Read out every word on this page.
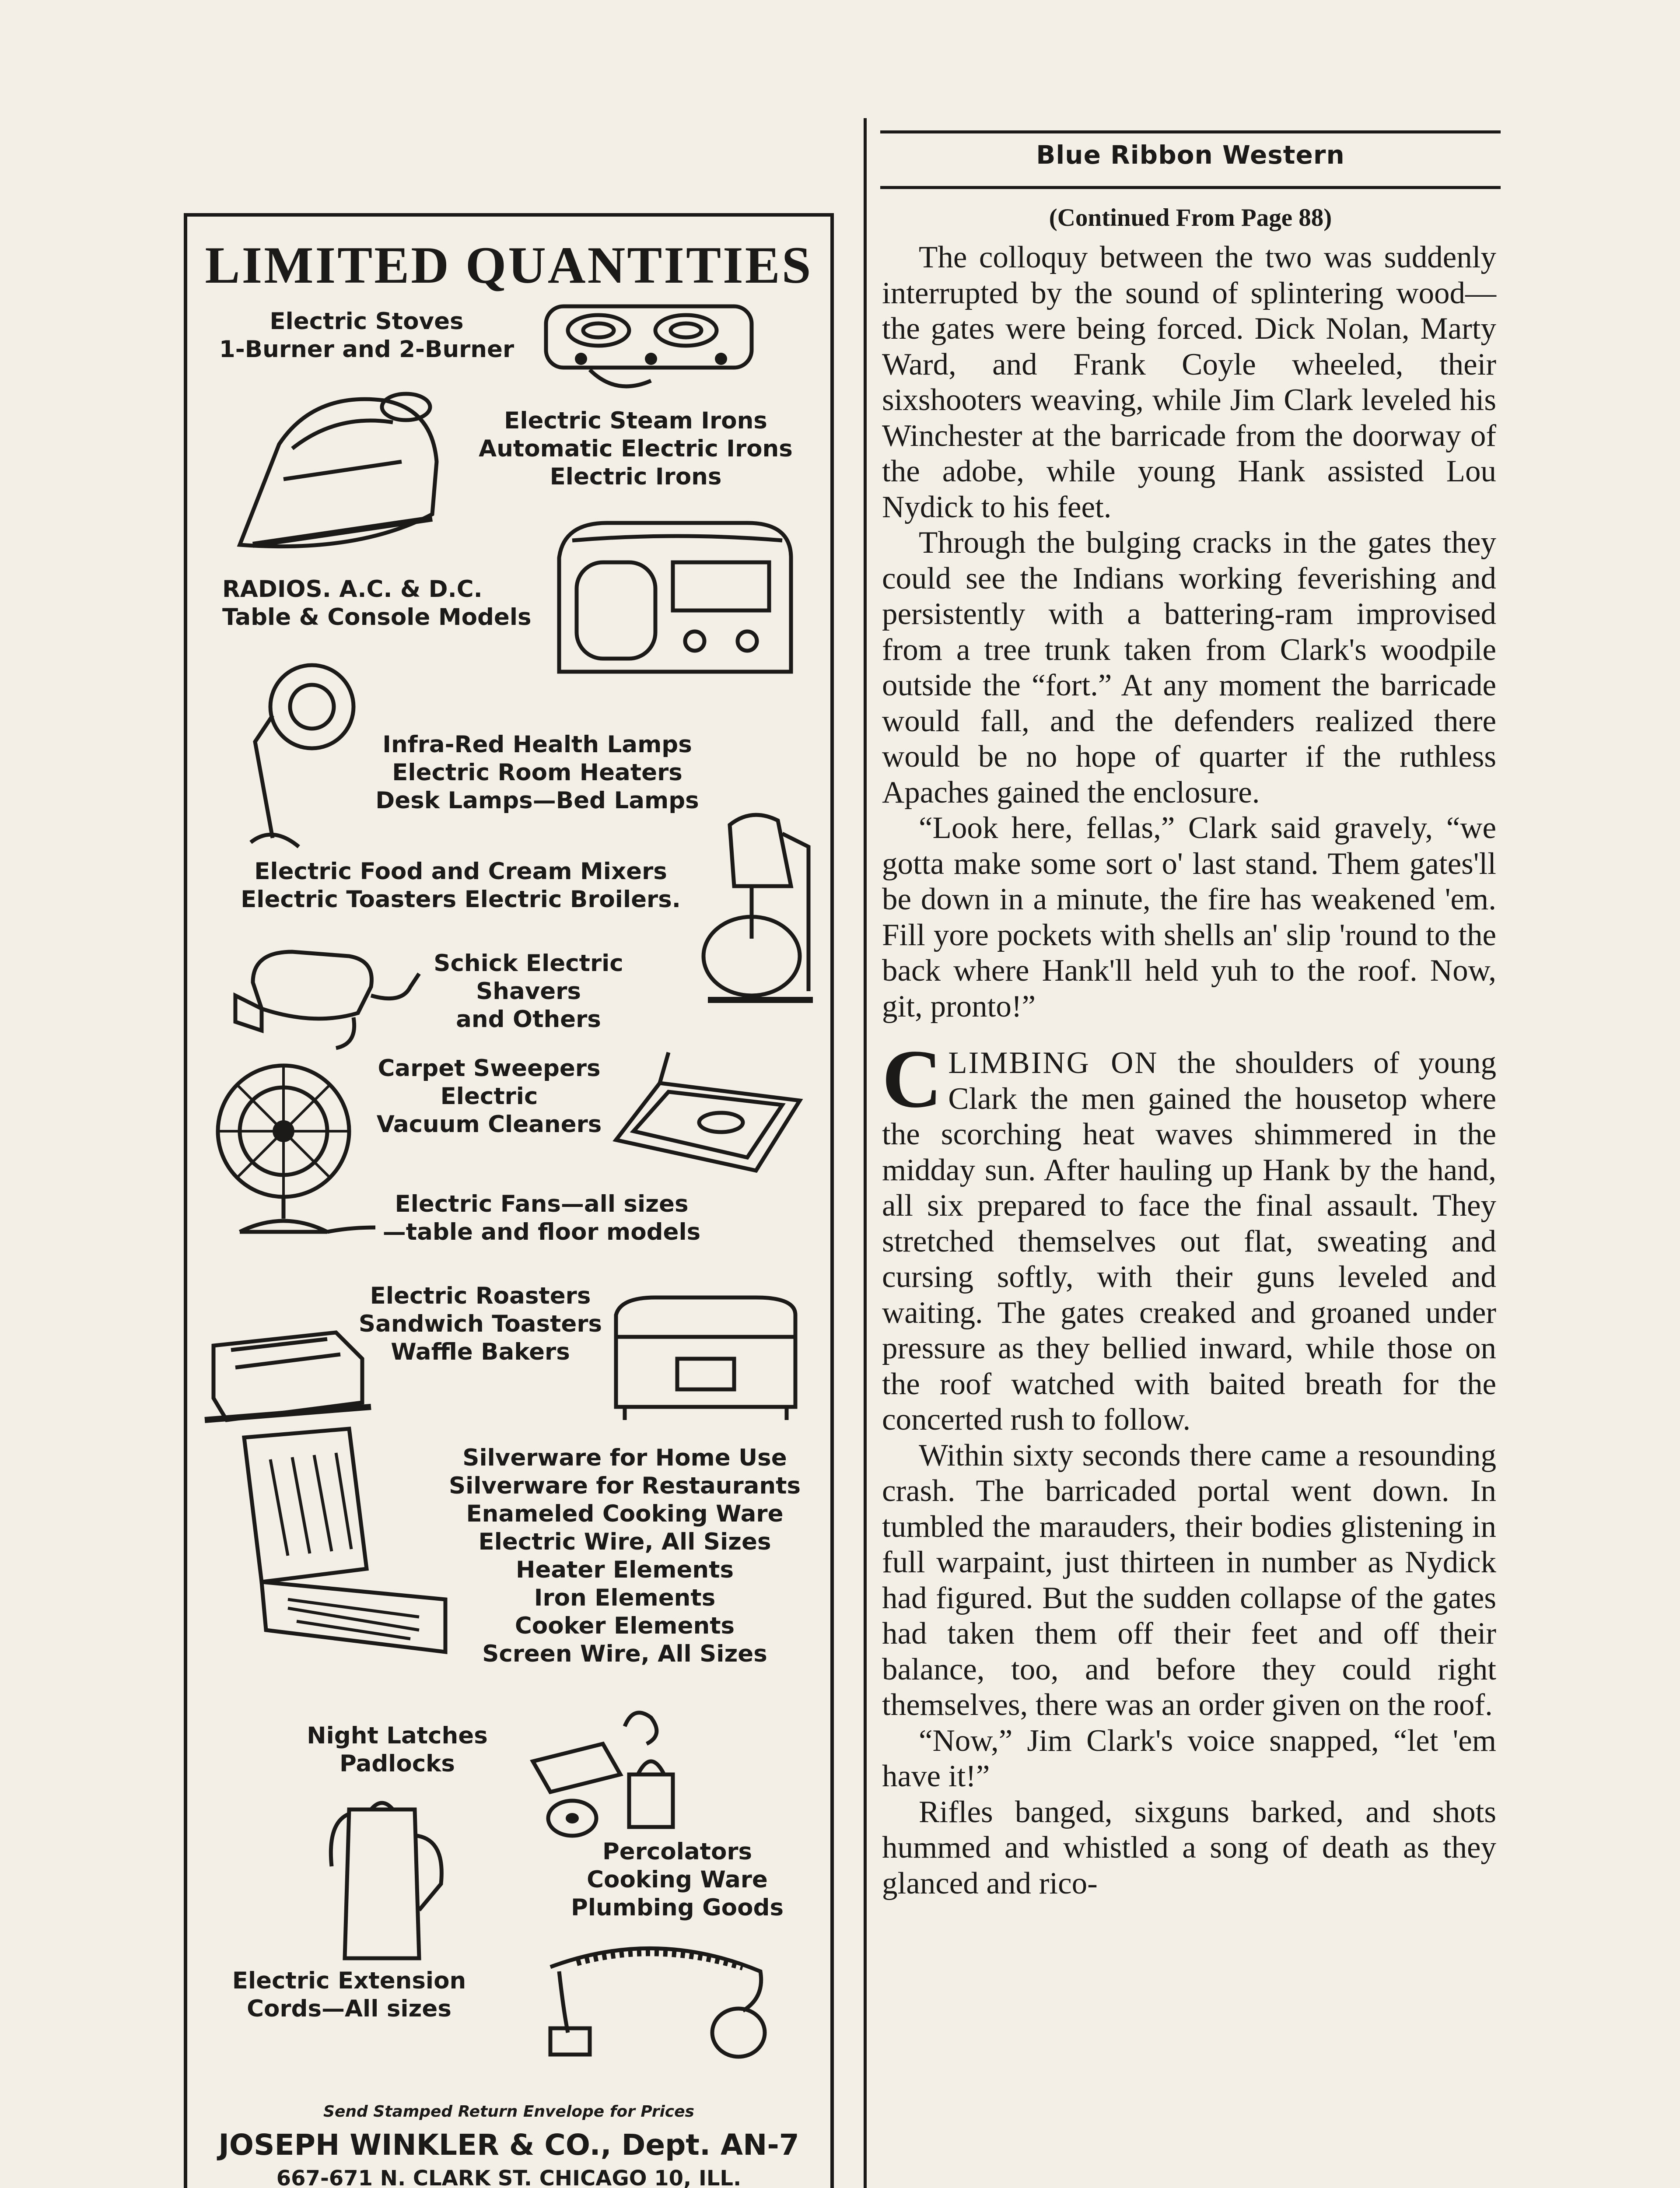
LIMITED QUANTITIES
Electric Stoves
1-Burner and 2-Burner
Electric Steam Irons
Automatic Electric Irons
Electric Irons
RADIOS. A.C. & D.C.
Table & Console Models
Infra-Red Health Lamps
Electric Room Heaters
Desk Lamps—Bed Lamps
Electric Food and Cream Mixers
Electric Toasters Electric Broilers.
Schick Electric
Shavers
and Others
Carpet Sweepers
Electric
Vacuum Cleaners
Electric Fans—all sizes
—table and floor models
Electric Roasters
Sandwich Toasters
Waffle Bakers
Silverware for Home Use
Silverware for Restaurants
Enameled Cooking Ware
Electric Wire, All Sizes
Heater Elements
Iron Elements
Cooker Elements
Screen Wire, All Sizes
Night Latches
Padlocks
Percolators
Cooking Ware
Plumbing Goods
Electric Extension
Cords—All sizes
Send Stamped Return Envelope for Prices
JOSEPH WINKLER & CO., Dept. AN-7
667-671 N. CLARK ST. CHICAGO 10, ILL.
Blue Ribbon Western
(Continued From Page 88)

The colloquy between the two was suddenly interrupted by the sound of splintering wood—the gates were being forced. Dick Nolan, Marty Ward, and Frank Coyle wheeled, their sixshooters weaving, while Jim Clark leveled his Winchester at the barricade from the doorway of the adobe, while young Hank assisted Lou Nydick to his feet.

Through the bulging cracks in the gates they could see the Indians working feverishing and persistently with a battering-ram improvised from a tree trunk taken from Clark's woodpile outside the “fort.” At any moment the barricade would fall, and the defenders realized there would be no hope of quarter if the ruthless Apaches gained the enclosure.

“Look here, fellas,” Clark said gravely, “we gotta make some sort o' last stand. Them gates'll be down in a minute, the fire has weakened 'em. Fill yore pockets with shells an' slip 'round to the back where Hank'll held yuh to the roof. Now, git, pronto!”

CLIMBING ON the shoulders of young Clark the men gained the housetop where the scorching heat waves shimmered in the midday sun. After hauling up Hank by the hand, all six prepared to face the final assault. They stretched themselves out flat, sweating and cursing softly, with their guns leveled and waiting. The gates creaked and groaned under pressure as they bellied inward, while those on the roof watched with baited breath for the concerted rush to follow.

Within sixty seconds there came a resounding crash. The barricaded portal went down. In tumbled the marauders, their bodies glistening in full warpaint, just thirteen in number as Nydick had figured. But the sudden collapse of the gates had taken them off their feet and off their balance, too, and before they could right themselves, there was an order given on the roof.

“Now,” Jim Clark's voice snapped, “let 'em have it!”

Rifles banged, sixguns barked, and shots hummed and whistled a song of death as they glanced and rico-
